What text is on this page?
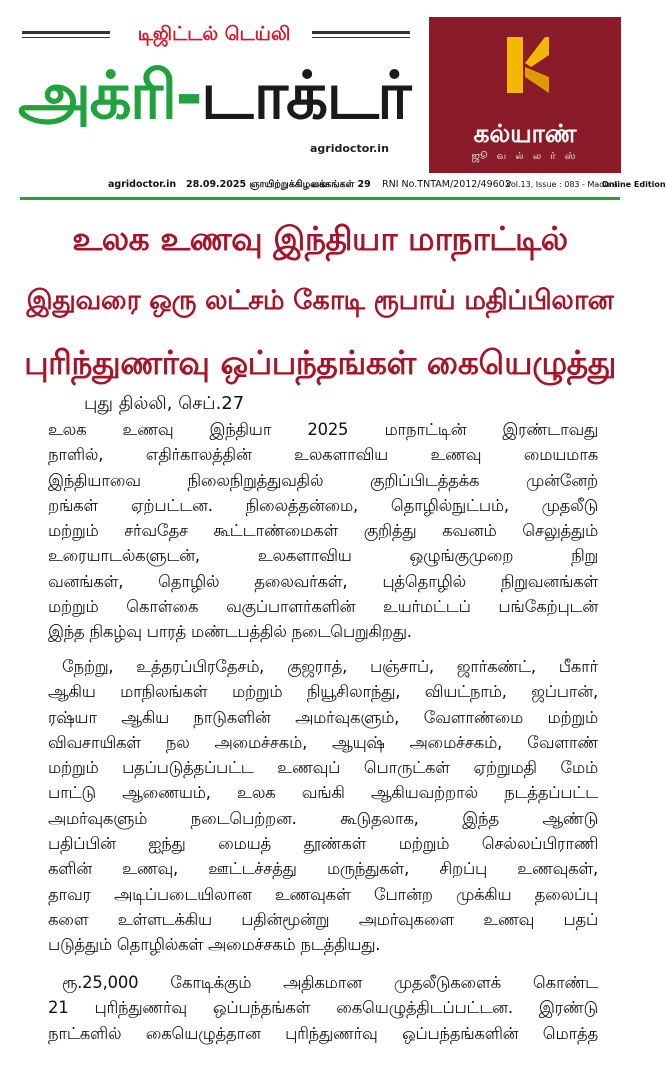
டிஜிட்டல் டெய்லி
அக்ரி-டாக்டர்
agridoctor.in
கல்யாண்
ஜூ வ ல் ல ர் ஸ்
agridoctor.in 28.09.2025 ஞாயிற்றுக்கிழமை
பக்கங்கள் 29 RNI No.TNTAM/2012/49602
Vol.13, Issue : 083 - Madurai
Online Edition
உலக உணவு இந்தியா மாநாட்டில்
இதுவரை ஒரு லட்சம் கோடி ரூபாய் மதிப்பிலான
புரிந்துணர்வு ஒப்பந்தங்கள் கையெழுத்து
புது தில்லி, செப்.27
உலக உணவு இந்தியா 2025 மாநாட்டின் இரண்டாவது
நாளில், எதிர்காலத்தின் உலகளாவிய உணவு மையமாக
இந்தியாவை நிலைநிறுத்துவதில் குறிப்பிடத்தக்க முன்னேற்
றங்கள் ஏற்பட்டன. நிலைத்தன்மை, தொழில்நுட்பம், முதலீடு
மற்றும் சர்வதேச கூட்டாண்மைகள் குறித்து கவனம் செலுத்தும்
உரையாடல்களுடன், உலகளாவிய ஒழுங்குமுறை நிறு
வனங்கள், தொழில் தலைவர்கள், புத்தொழில் நிறுவனங்கள்
மற்றும் கொள்கை வகுப்பாளர்களின் உயர்மட்டப் பங்கேற்புடன்
இந்த நிகழ்வு பாரத் மண்டபத்தில் நடைபெறுகிறது.
நேற்று, உத்தரப்பிரதேசம், குஜராத், பஞ்சாப், ஜார்கண்ட், பீகார்
ஆகிய மாநிலங்கள் மற்றும் நியூசிலாந்து, வியட்நாம், ஜப்பான்,
ரஷ்யா ஆகிய நாடுகளின் அமர்வுகளும், வேளாண்மை மற்றும்
விவசாயிகள் நல அமைச்சகம், ஆயுஷ் அமைச்சகம், வேளாண்
மற்றும் பதப்படுத்தப்பட்ட உணவுப் பொருட்கள் ஏற்றுமதி மேம்
பாட்டு ஆணையம், உலக வங்கி ஆகியவற்றால் நடத்தப்பட்ட
அமர்வுகளும் நடைபெற்றன. கூடுதலாக, இந்த ஆண்டு
பதிப்பின் ஐந்து மையத் தூண்கள் மற்றும் செல்லப்பிராணி
களின் உணவு, ஊட்டச்சத்து மருந்துகள், சிறப்பு உணவுகள்,
தாவர அடிப்படையிலான உணவுகள் போன்ற முக்கிய தலைப்பு
களை உள்ளடக்கிய பதின்மூன்று அமர்வுகளை உணவு பதப்
படுத்தும் தொழில்கள் அமைச்சகம் நடத்தியது.
ரூ.25,000 கோடிக்கும் அதிகமான முதலீடுகளைக் கொண்ட
21 புரிந்துணர்வு ஒப்பந்தங்கள் கையெழுத்திடப்பட்டன. இரண்டு
நாட்களில் கையெழுத்தான புரிந்துணர்வு ஒப்பந்தங்களின் மொத்த
